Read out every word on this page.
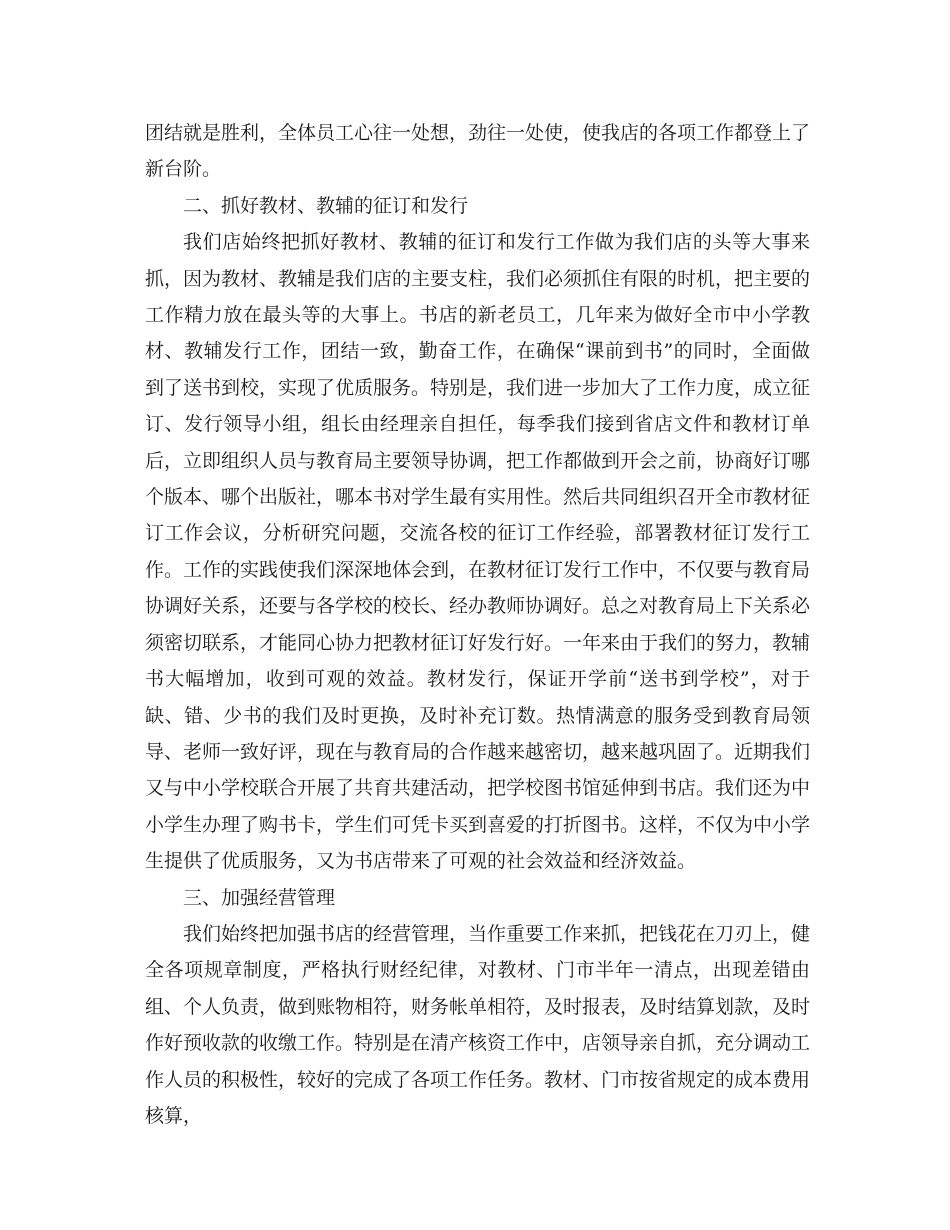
团结就是胜利，全体员工心往一处想，劲往一处使，使我店的各项工作都登上了新台阶。

二、抓好教材、教辅的征订和发行

我们店始终把抓好教材、教辅的征订和发行工作做为我们店的头等大事来抓，因为教材、教辅是我们店的主要支柱，我们必须抓住有限的时机，把主要的工作精力放在最头等的大事上。书店的新老员工，几年来为做好全市中小学教材、教辅发行工作，团结一致，勤奋工作，在确保“课前到书”的同时，全面做到了送书到校，实现了优质服务。特别是，我们进一步加大了工作力度，成立征订、发行领导小组，组长由经理亲自担任，每季我们接到省店文件和教材订单后，立即组织人员与教育局主要领导协调，把工作都做到开会之前，协商好订哪个版本、哪个出版社，哪本书对学生最有实用性。然后共同组织召开全市教材征订工作会议，分析研究问题，交流各校的征订工作经验，部署教材征订发行工作。工作的实践使我们深深地体会到，在教材征订发行工作中，不仅要与教育局协调好关系，还要与各学校的校长、经办教师协调好。总之对教育局上下关系必须密切联系，才能同心协力把教材征订好发行好。一年来由于我们的努力，教辅书大幅增加，收到可观的效益。教材发行，保证开学前“送书到学校”，对于缺、错、少书的我们及时更换，及时补充订数。热情满意的服务受到教育局领导、老师一致好评，现在与教育局的合作越来越密切，越来越巩固了。近期我们又与中小学校联合开展了共育共建活动，把学校图书馆延伸到书店。我们还为中小学生办理了购书卡，学生们可凭卡买到喜爱的打折图书。这样，不仅为中小学生提供了优质服务，又为书店带来了可观的社会效益和经济效益。

三、加强经营管理

我们始终把加强书店的经营管理，当作重要工作来抓，把钱花在刀刃上，健全各项规章制度，严格执行财经纪律，对教材、门市半年一清点，出现差错由组、个人负责，做到账物相符，财务帐单相符，及时报表，及时结算划款，及时作好预收款的收缴工作。特别是在清产核资工作中，店领导亲自抓，充分调动工作人员的积极性，较好的完成了各项工作任务。教材、门市按省规定的成本费用核算，
